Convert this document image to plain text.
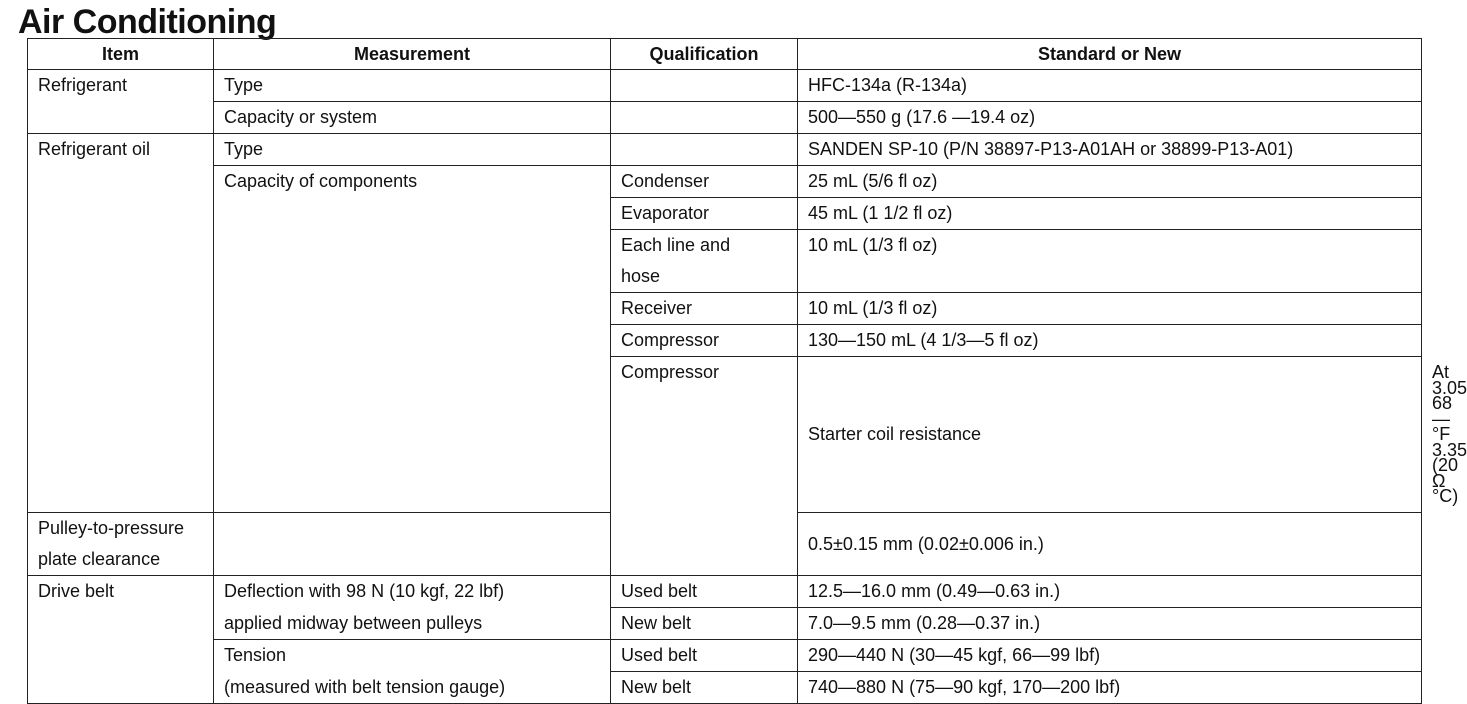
Air Conditioning
Item	Measurement	Qualification	Standard or New	
Refrigerant	Type		HFC-134a (R-134a)	
	Capacity or system		500—550 g (17.6 —19.4 oz)	
Refrigerant oil	Type		SANDEN SP-10 (P/N 38897-P13-A01AH or 38899-P13-A01)	
	Capacity of components	Condenser	25 mL (5/6 fl oz)	
		Evaporator	45 mL (1 1/2 fl oz)	
		Each line and	10 mL (1/3 fl oz)	
		hose		
		Receiver	10 mL (1/3 fl oz)	
		Compressor	130—150 mL (4 1/3—5 fl oz)	
		Compressor	Starter coil resistance	At 68 °F (20 °C)	3.05—3.35 Ω
Pulley-to-pressure plate clearance			0.5±0.15 mm (0.02±0.006 in.)	
Drive belt	Deflection with 98 N (10 kgf, 22 lbf)	Used belt	12.5—16.0 mm (0.49—0.63 in.)	
	applied midway between pulleys	New belt	7.0—9.5 mm (0.28—0.37 in.)	
	Tension	Used belt	290—440 N (30—45 kgf, 66—99 lbf)	
	(measured with belt tension gauge)	New belt	740—880 N (75—90 kgf, 170—200 lbf)	
